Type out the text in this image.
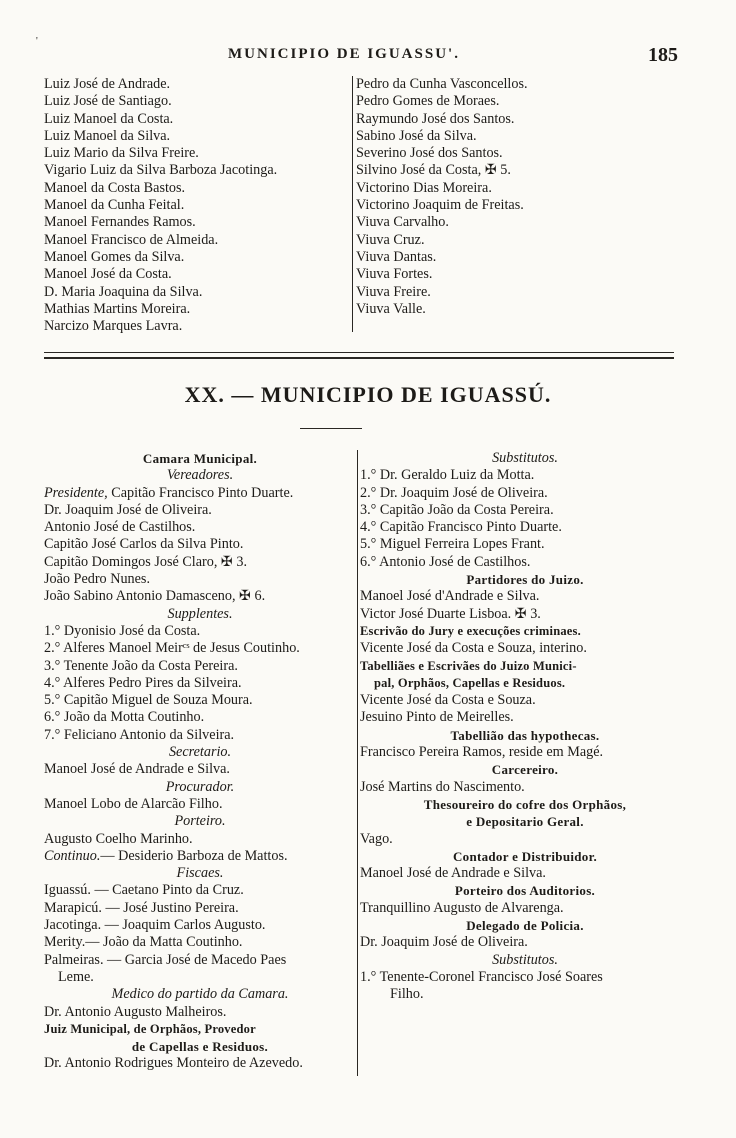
'
MUNICIPIO DE IGUASSU'.	185
Luiz José de Andrade.
Luiz José de Santiago.
Luiz Manoel da Costa.
Luiz Manoel da Silva.
Luiz Mario da Silva Freire.
Vigario Luiz da Silva Barboza Jacotinga.
Manoel da Costa Bastos.
Manoel da Cunha Feital.
Manoel Fernandes Ramos.
Manoel Francisco de Almeida.
Manoel Gomes da Silva.
Manoel José da Costa.
D. Maria Joaquina da Silva.
Mathias Martins Moreira.
Narcizo Marques Lavra.
Pedro da Cunha Vasconcellos.
Pedro Gomes de Moraes.
Raymundo José dos Santos.
Sabino José da Silva.
Severino José dos Santos.
Silvino José da Costa, ✠ 5.
Victorino Dias Moreira.
Victorino Joaquim de Freitas.
Viuva Carvalho.
Viuva Cruz.
Viuva Dantas.
Viuva Fortes.
Viuva Freire.
Viuva Valle.
XX. — MUNICIPIO DE IGUASSÚ.
Camara Municipal.
Vereadores.
Presidente, Capitão Francisco Pinto Duarte.
Dr. Joaquim José de Oliveira.
Antonio José de Castilhos.
Capitão José Carlos da Silva Pinto.
Capitão Domingos José Claro, ✠ 3.
João Pedro Nunes.
João Sabino Antonio Damasceno, ✠ 6.
Supplentes.
1.° Dyonisio José da Costa.
2.° Alferes Manoel Meirᶜˢ de Jesus Coutinho.
3.° Tenente João da Costa Pereira.
4.° Alferes Pedro Pires da Silveira.
5.° Capitão Miguel de Souza Moura.
6.° João da Motta Coutinho.
7.° Feliciano Antonio da Silveira.
Secretario.
Manoel José de Andrade e Silva.
Procurador.
Manoel Lobo de Alarcão Filho.
Porteiro.
Augusto Coelho Marinho.
Continuo.— Desiderio Barboza de Mattos.
Fiscaes.
Iguassú. — Caetano Pinto da Cruz.
Marapicú. — José Justino Pereira.
Jacotinga. — Joaquim Carlos Augusto.
Merity.— João da Matta Coutinho.
Palmeiras. — Garcia José de Macedo Paes
Leme.
Medico do partido da Camara.
Dr. Antonio Augusto Malheiros.
Juiz Municipal, de Orphãos, Provedor
de Capellas e Residuos.
Dr. Antonio Rodrigues Monteiro de Azevedo.
Substitutos.
1.° Dr. Geraldo Luiz da Motta.
2.° Dr. Joaquim José de Oliveira.
3.° Capitão João da Costa Pereira.
4.° Capitão Francisco Pinto Duarte.
5.° Miguel Ferreira Lopes Frant.
6.° Antonio José de Castilhos.
Partidores do Juizo.
Manoel José d'Andrade e Silva.
Victor José Duarte Lisboa. ✠ 3.
Escrivão do Jury e execuções criminaes.
Vicente José da Costa e Souza, interino.
Tabelliães e Escrivães do Juizo Munici-
pal, Orphãos, Capellas e Residuos.
Vicente José da Costa e Souza.
Jesuino Pinto de Meirelles.
Tabellião das hypothecas.
Francisco Pereira Ramos, reside em Magé.
Carcereiro.
José Martins do Nascimento.
Thesoureiro do cofre dos Orphãos,
e Depositario Geral.
Vago.
Contador e Distribuidor.
Manoel José de Andrade e Silva.
Porteiro dos Auditorios.
Tranquillino Augusto de Alvarenga.
Delegado de Policia.
Dr. Joaquim José de Oliveira.
Substitutos.
1.° Tenente-Coronel Francisco José Soares
Filho.
